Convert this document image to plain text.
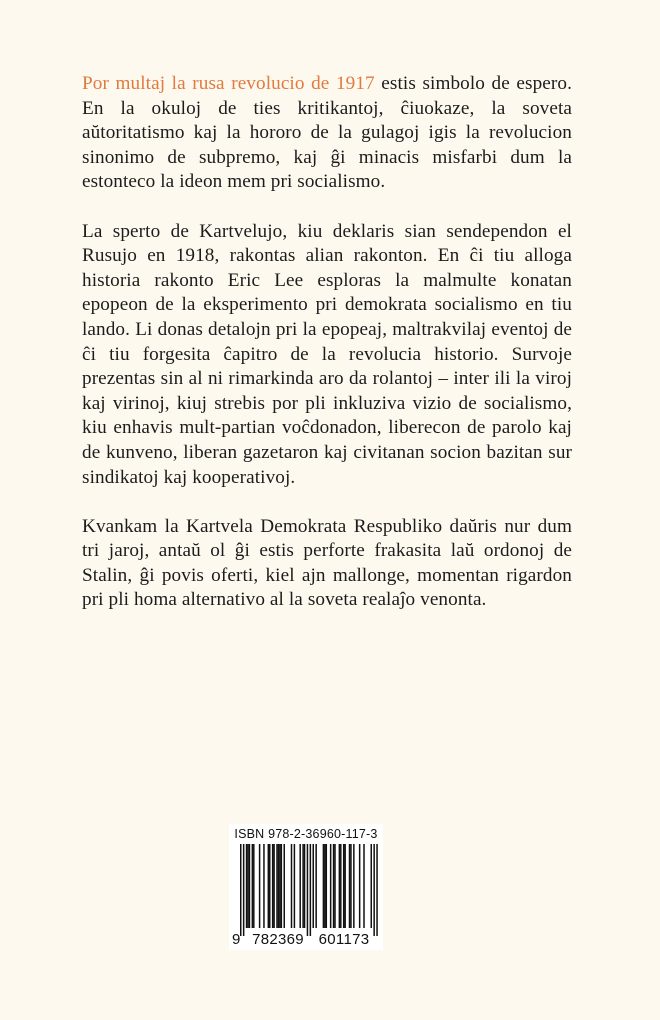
Por multaj la rusa revolucio de 1917 estis simbolo de espero. En la okuloj de ties kritikantoj, ĉiuokaze, la soveta aŭtoritatismo kaj la hororo de la gulagoj igis la revolucion sinonimo de subpremo, kaj ĝi minacis misfarbi dum la estonteco la ideon mem pri socialismo.

La sperto de Kartvelujo, kiu deklaris sian sendependon el Rusujo en 1918, rakontas alian rakonton. En ĉi tiu alloga historia rakonto Eric Lee esploras la malmulte konatan epopeon de la eksperimento pri demokrata socialismo en tiu lando. Li donas detalojn pri la epopeaj, maltrakvilaj eventoj de ĉi tiu forgesita ĉapitro de la revolucia historio. Survoje prezentas sin al ni rimarkinda aro da rolantoj – inter ili la viroj kaj virinoj, kiuj strebis por pli inkluziva vizio de socialismo, kiu enhavis mult-partian voĉdonadon, liberecon de parolo kaj de kunveno, liberan gazetaron kaj civitanan socion bazitan sur sindikatoj kaj kooperativoj.

Kvankam la Kartvela Demokrata Respubliko daŭris nur dum tri jaroj, antaŭ ol ĝi estis perforte frakasita laŭ ordonoj de Stalin, ĝi povis oferti, kiel ajn mallonge, momentan rigardon pri pli homa alternativo al la soveta realaĵo venonta.

ISBN 978-2-36960-117-3
9 782369 601173
